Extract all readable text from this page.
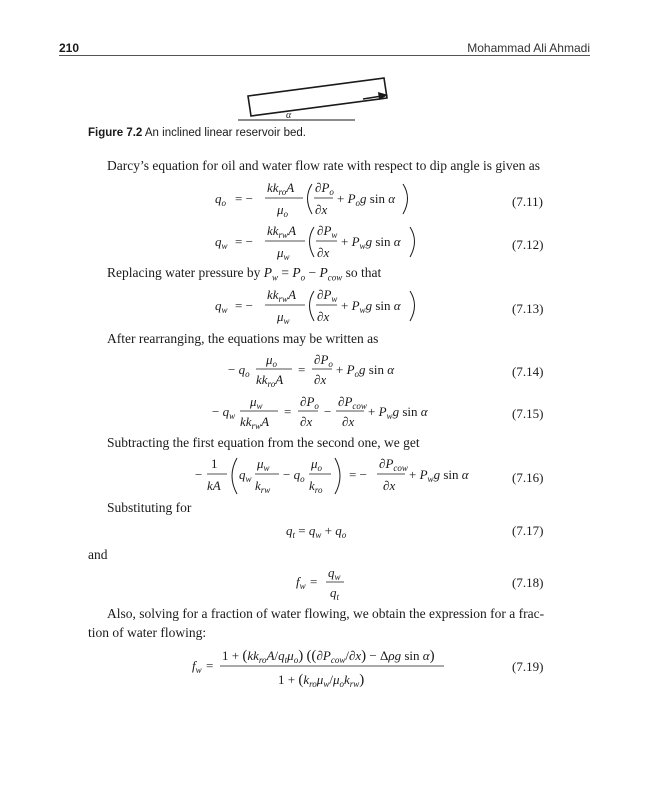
210	Mohammad Ali Ahmadi
α
Figure 7.2 An inclined linear reservoir bed.
Darcy’s equation for oil and water flow rate with respect to dip angle is given as
$q_o$ = −
$kk_{ro}A$
$\mu_o$
$\partial P_o$
∂x
+ $P_og$ sin α	(7.11)
$q_w$ = −
$kk_{rw}A$
$\mu_w$
$\partial P_w$
∂x
+ $P_wg$ sin α	(7.12)
Replacing water pressure by $P_w = P_o - P_{cow}$ so that
$q_w$ = −
$kk_{rw}A$
$\mu_w$
$\partial P_w$
∂x
+ $P_wg$ sin α	(7.13)
After rearranging, the equations may be written as
− $q_o$
$\mu_o$
$kk_{ro}A$
=
$\partial P_o$
∂x
+ $P_og$ sin α	(7.14)
− $q_w$
$\mu_w$
$kk_{rw}A$
=
$\partial P_o$
∂x
−
$\partial P_{cow}$
∂x
+ $P_wg$ sin α	(7.15)
Subtracting the first equation from the second one, we get
−
1
kA
$q_w$
$\mu_w$
$k_{rw}$
− $q_o$
$\mu_o$
$k_{ro}$
= −
$\partial P_{cow}$
∂x
+ $P_wg$ sin α	(7.16)
Substituting for
$q_t = q_w + q_o$	(7.17)
and
$f_w$ =
$q_w$
$q_t$
(7.18)
Also, solving for a fraction of water flowing, we obtain the expression for a frac-
tion of water flowing:
$f_w$ =
$1 + (kk_{ro}A/q_t\mu_o) ((\partial P_{cow}/\partial x) - \Delta\rho g$ sin α)
$1 + (k_{ro}\mu_w/\mu_ok_{rw})$
(7.19)
